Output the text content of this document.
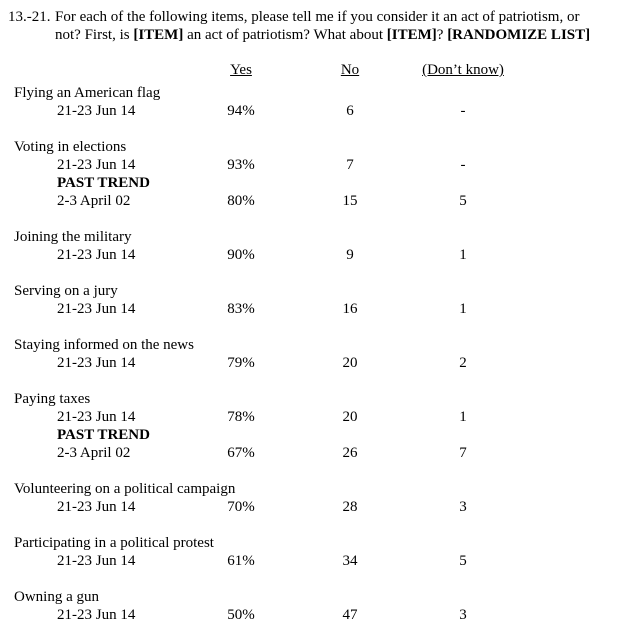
13.-21. For each of the following items, please tell me if you consider it an act of patriotism, or
not? First, is [ITEM] an act of patriotism? What about [ITEM]? [RANDOMIZE LIST]
Yes	No	(Don’t know)
Flying an American flag
21-23 Jun 14	94%	6	-
Voting in elections
21-23 Jun 14	93%	7	-
PAST TREND
2-3 April 02	80%	15	5
Joining the military
21-23 Jun 14	90%	9	1
Serving on a jury
21-23 Jun 14	83%	16	1
Staying informed on the news
21-23 Jun 14	79%	20	2
Paying taxes
21-23 Jun 14	78%	20	1
PAST TREND
2-3 April 02	67%	26	7
Volunteering on a political campaign
21-23 Jun 14	70%	28	3
Participating in a political protest
21-23 Jun 14	61%	34	5
Owning a gun
21-23 Jun 14	50%	47	3
